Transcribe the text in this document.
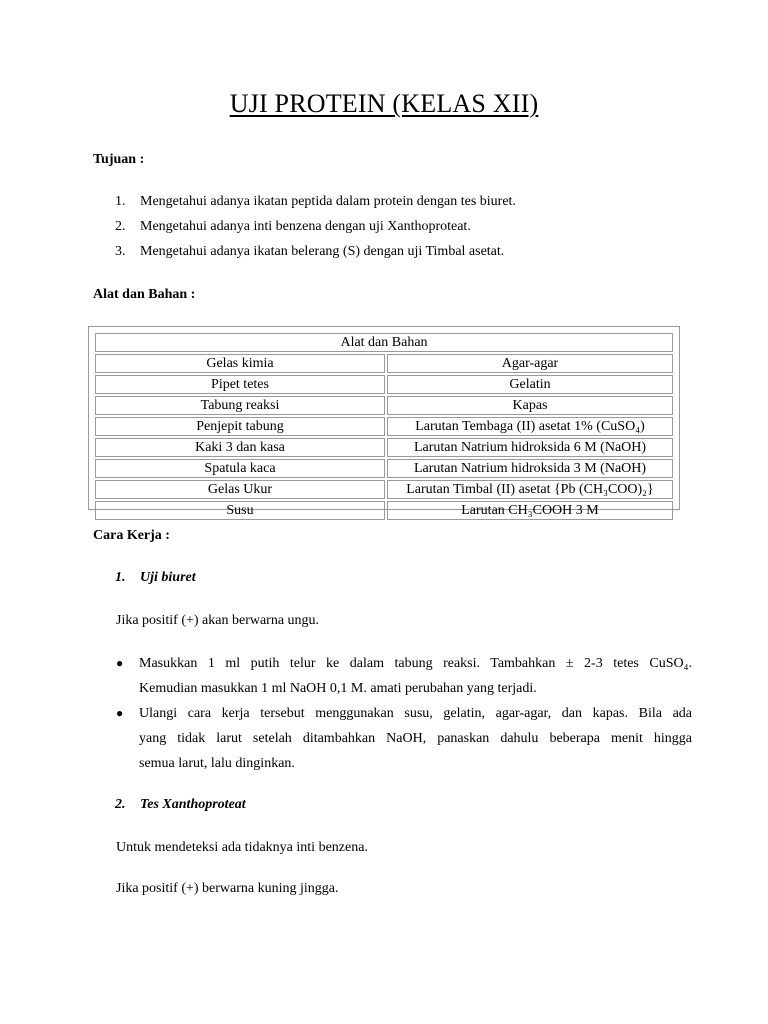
UJI PROTEIN (KELAS XII)
Tujuan :
1. Mengetahui adanya ikatan peptida dalam protein dengan tes biuret.
2. Mengetahui adanya inti benzena dengan uji Xanthoproteat.
3. Mengetahui adanya ikatan belerang (S) dengan uji Timbal asetat.
Alat dan Bahan :
Alat dan Bahan	
Gelas kimia	Agar-agar
Pipet tetes	Gelatin
Tabung reaksi	Kapas
Penjepit tabung	Larutan Tembaga (II) asetat 1% (CuSO₄)
Kaki 3 dan kasa	Larutan Natrium hidroksida 6 M (NaOH)
Spatula kaca	Larutan Natrium hidroksida 3 M (NaOH)
Gelas Ukur	Larutan Timbal (II) asetat {Pb (CH₃COO)₂}
Susu	Larutan CH₃COOH 3 M
Cara Kerja :
1. Uji biuret
Jika positif (+) akan berwarna ungu.
● Masukkan 1 ml putih telur ke dalam tabung reaksi. Tambahkan ± 2-3 tetes CuSO₄.
Kemudian masukkan 1 ml NaOH 0,1 M. amati perubahan yang terjadi.
● Ulangi cara kerja tersebut menggunakan susu, gelatin, agar-agar, dan kapas. Bila ada
yang tidak larut setelah ditambahkan NaOH, panaskan dahulu beberapa menit hingga
semua larut, lalu dinginkan.
2. Tes Xanthoproteat
Untuk mendeteksi ada tidaknya inti benzena.
Jika positif (+) berwarna kuning jingga.
